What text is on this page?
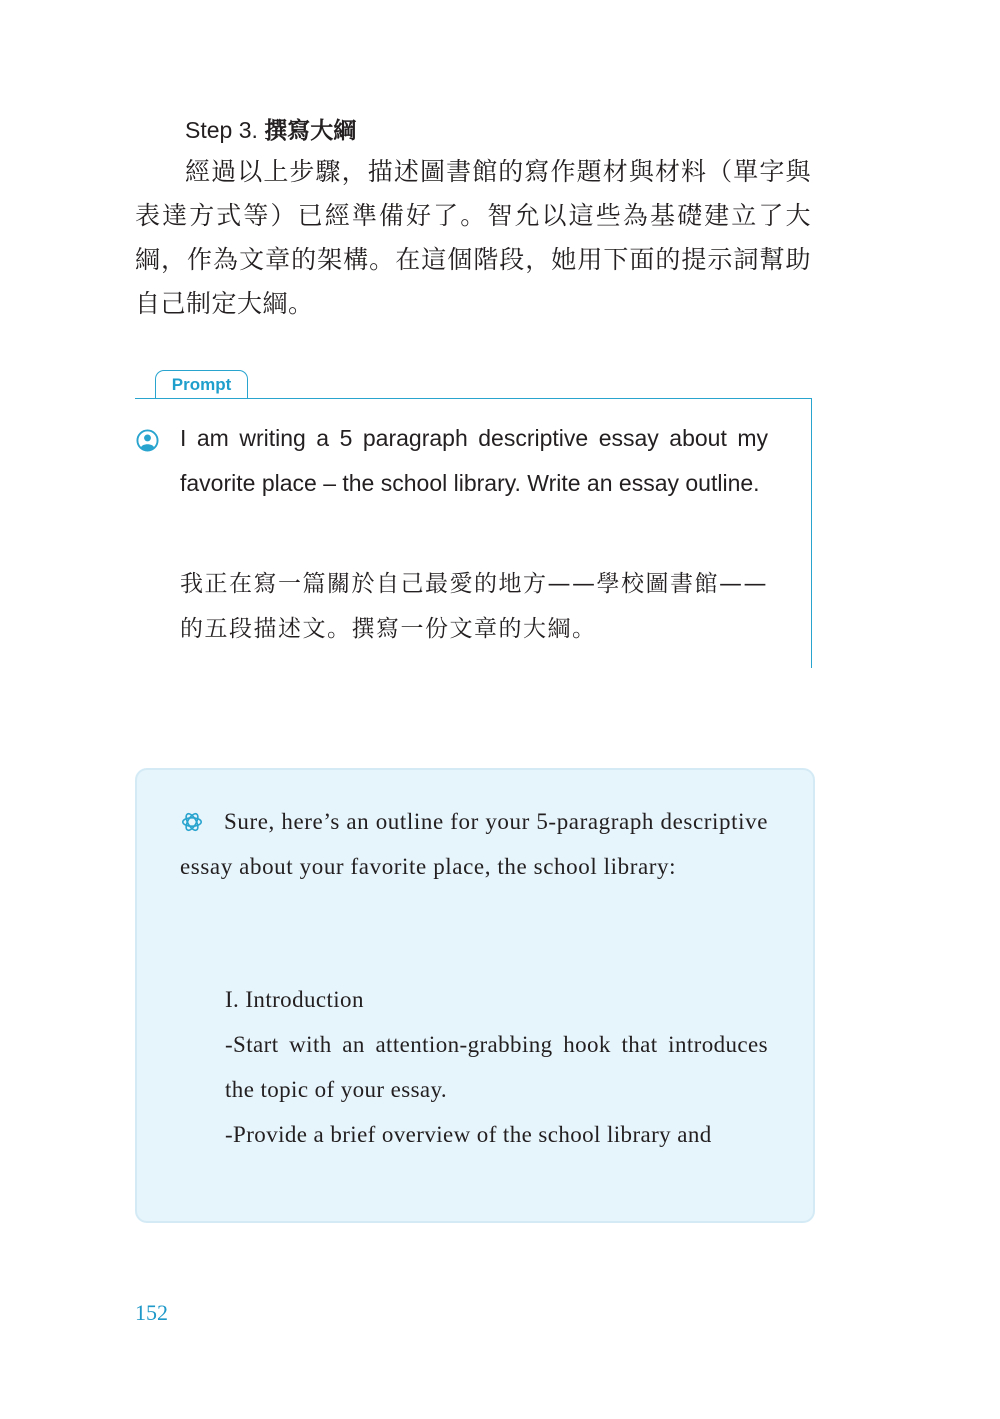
Step 3. 撰寫大綱

經過以上步驟，描述圖書館的寫作題材與材料（單字與表達方式等）已經準備好了。智允以這些為基礎建立了大綱，作為文章的架構。在這個階段，她用下面的提示詞幫助自己制定大綱。

Prompt

I am writing a 5 paragraph descriptive essay about my favorite place – the school library. Write an essay outline.

我正在寫一篇關於自己最愛的地方——學校圖書館——的五段描述文。撰寫一份文章的大綱。

Sure, here’s an outline for your 5-paragraph descriptive essay about your favorite place, the school library:

I. Introduction

-Start with an attention-grabbing hook that introduces the topic of your essay.

-Provide a brief overview of the school library and

152
